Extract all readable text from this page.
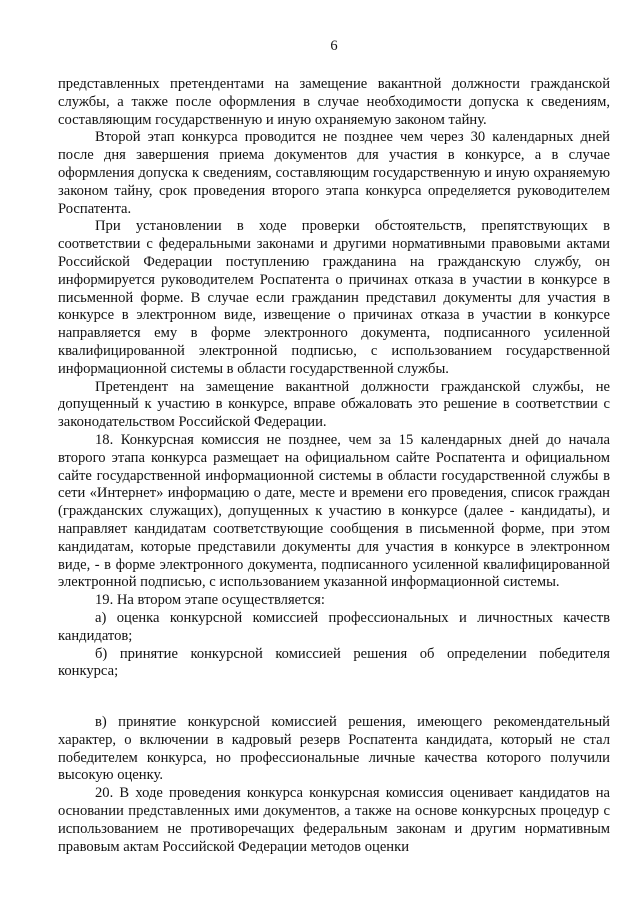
6

представленных претендентами на замещение вакантной должности гражданской службы, а также после оформления в случае необходимости допуска к сведениям, составляющим государственную и иную охраняемую законом тайну.

Второй этап конкурса проводится не позднее чем через 30 календарных дней после дня завершения приема документов для участия в конкурсе, а в случае оформления допуска к сведениям, составляющим государственную и иную охраняемую законом тайну, срок проведения второго этапа конкурса определяется руководителем Роспатента.

При установлении в ходе проверки обстоятельств, препятствующих в соответствии с федеральными законами и другими нормативными правовыми актами Российской Федерации поступлению гражданина на гражданскую службу, он информируется руководителем Роспатента о причинах отказа в участии в конкурсе в письменной форме. В случае если гражданин представил документы для участия в конкурсе в электронном виде, извещение о причинах отказа в участии в конкурсе направляется ему в форме электронного документа, подписанного усиленной квалифицированной электронной подписью, с использованием государственной информационной системы в области государственной службы.

Претендент на замещение вакантной должности гражданской службы, не допущенный к участию в конкурсе, вправе обжаловать это решение в соответствии с законодательством Российской Федерации.

18. Конкурсная комиссия не позднее, чем за 15 календарных дней до начала второго этапа конкурса размещает на официальном сайте Роспатента и официальном сайте государственной информационной системы в области государственной службы в сети «Интернет» информацию о дате, месте и времени его проведения, список граждан (гражданских служащих), допущенных к участию в конкурсе (далее - кандидаты), и направляет кандидатам соответствующие сообщения в письменной форме, при этом кандидатам, которые представили документы для участия в конкурсе в электронном виде, - в форме электронного документа, подписанного усиленной квалифицированной электронной подписью, с использованием указанной информационной системы.

19. На втором этапе осуществляется:

а) оценка конкурсной комиссией профессиональных и личностных качеств кандидатов;

б) принятие конкурсной комиссией решения об определении победителя конкурса;

в) принятие конкурсной комиссией решения, имеющего рекомендательный характер, о включении в кадровый резерв Роспатента кандидата, который не стал победителем конкурса, но профессиональные личные качества которого получили высокую оценку.

20. В ходе проведения конкурса конкурсная комиссия оценивает кандидатов на основании представленных ими документов, а также на основе конкурсных процедур с использованием не противоречащих федеральным законам и другим нормативным правовым актам Российской Федерации методов оценки
